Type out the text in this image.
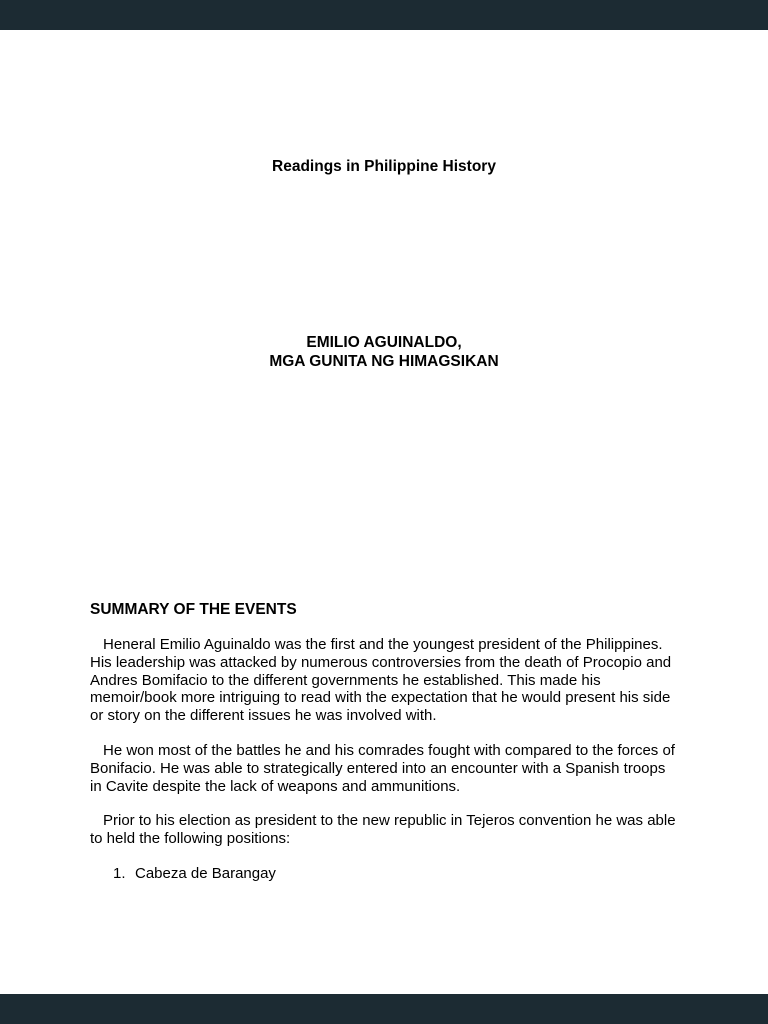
Readings in Philippine History
EMILIO AGUINALDO,
MGA GUNITA NG HIMAGSIKAN
SUMMARY OF THE EVENTS
Heneral Emilio Aguinaldo was the first and the youngest president of the Philippines. His leadership was attacked by numerous controversies from the death of Procopio and Andres Bomifacio to the different governments he established. This made his memoir/book more intriguing to read with the expectation that he would present his side or story on the different issues he was involved with.
He won most of the battles he and his comrades fought with compared to the forces of Bonifacio. He was able to strategically entered into an encounter with a Spanish troops in Cavite despite the lack of weapons and ammunitions.
Prior to his election as president to the new republic in Tejeros convention he was able to held the following positions:
1. Cabeza de Barangay
